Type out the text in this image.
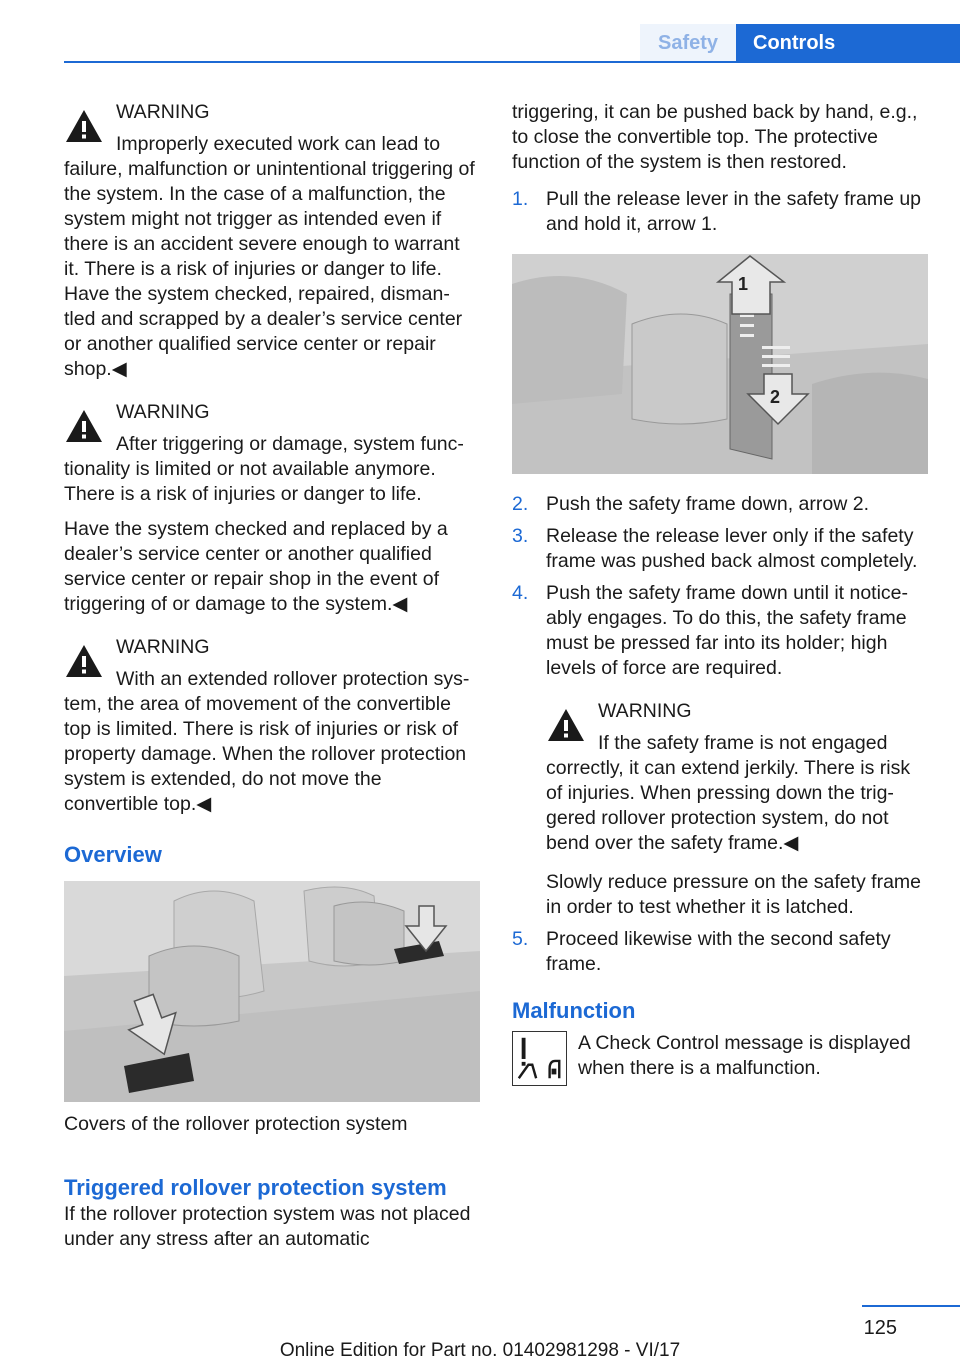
Safety	Controls
WARNING
Improperly executed work can lead to
failure, malfunction or unintentional triggering of the system. In the case of a malfunction, the system might not trigger as intended even if there is an accident severe enough to warrant it. There is a risk of injuries or danger to life. Have the system checked, repaired, disman‐tled and scrapped by a dealer’s service center or another qualified service center or repair shop.◀
WARNING
After triggering or damage, system func‐
tionality is limited or not available anymore. There is a risk of injuries or danger to life.
Have the system checked and replaced by a dealer’s service center or another qualified service center or repair shop in the event of triggering of or damage to the system.◀
WARNING
With an extended rollover protection sys‐
tem, the area of movement of the convertible top is limited. There is risk of injuries or risk of property damage. When the rollover protection system is extended, do not move the convertible top.◀
Overview
Covers of the rollover protection system
Triggered rollover protection system
If the rollover protection system was not placed under any stress after an automatic
triggering, it can be pushed back by hand, e.g., to close the convertible top. The protective function of the system is then restored.
1. Pull the release lever in the safety frame up and hold it, arrow 1.
1
2
2. Push the safety frame down, arrow 2.
3. Release the release lever only if the safety frame was pushed back almost completely.
4. Push the safety frame down until it notice‐ably engages. To do this, the safety frame must be pressed far into its holder; high levels of force are required.
WARNING
If the safety frame is not engaged
correctly, it can extend jerkily. There is risk of injuries. When pressing down the trig‐gered rollover protection system, do not bend over the safety frame.◀
Slowly reduce pressure on the safety frame in order to test whether it is latched.
5. Proceed likewise with the second safety frame.
Malfunction
A Check Control message is displayed when there is a malfunction.
125
Online Edition for Part no. 01402981298 - VI/17
